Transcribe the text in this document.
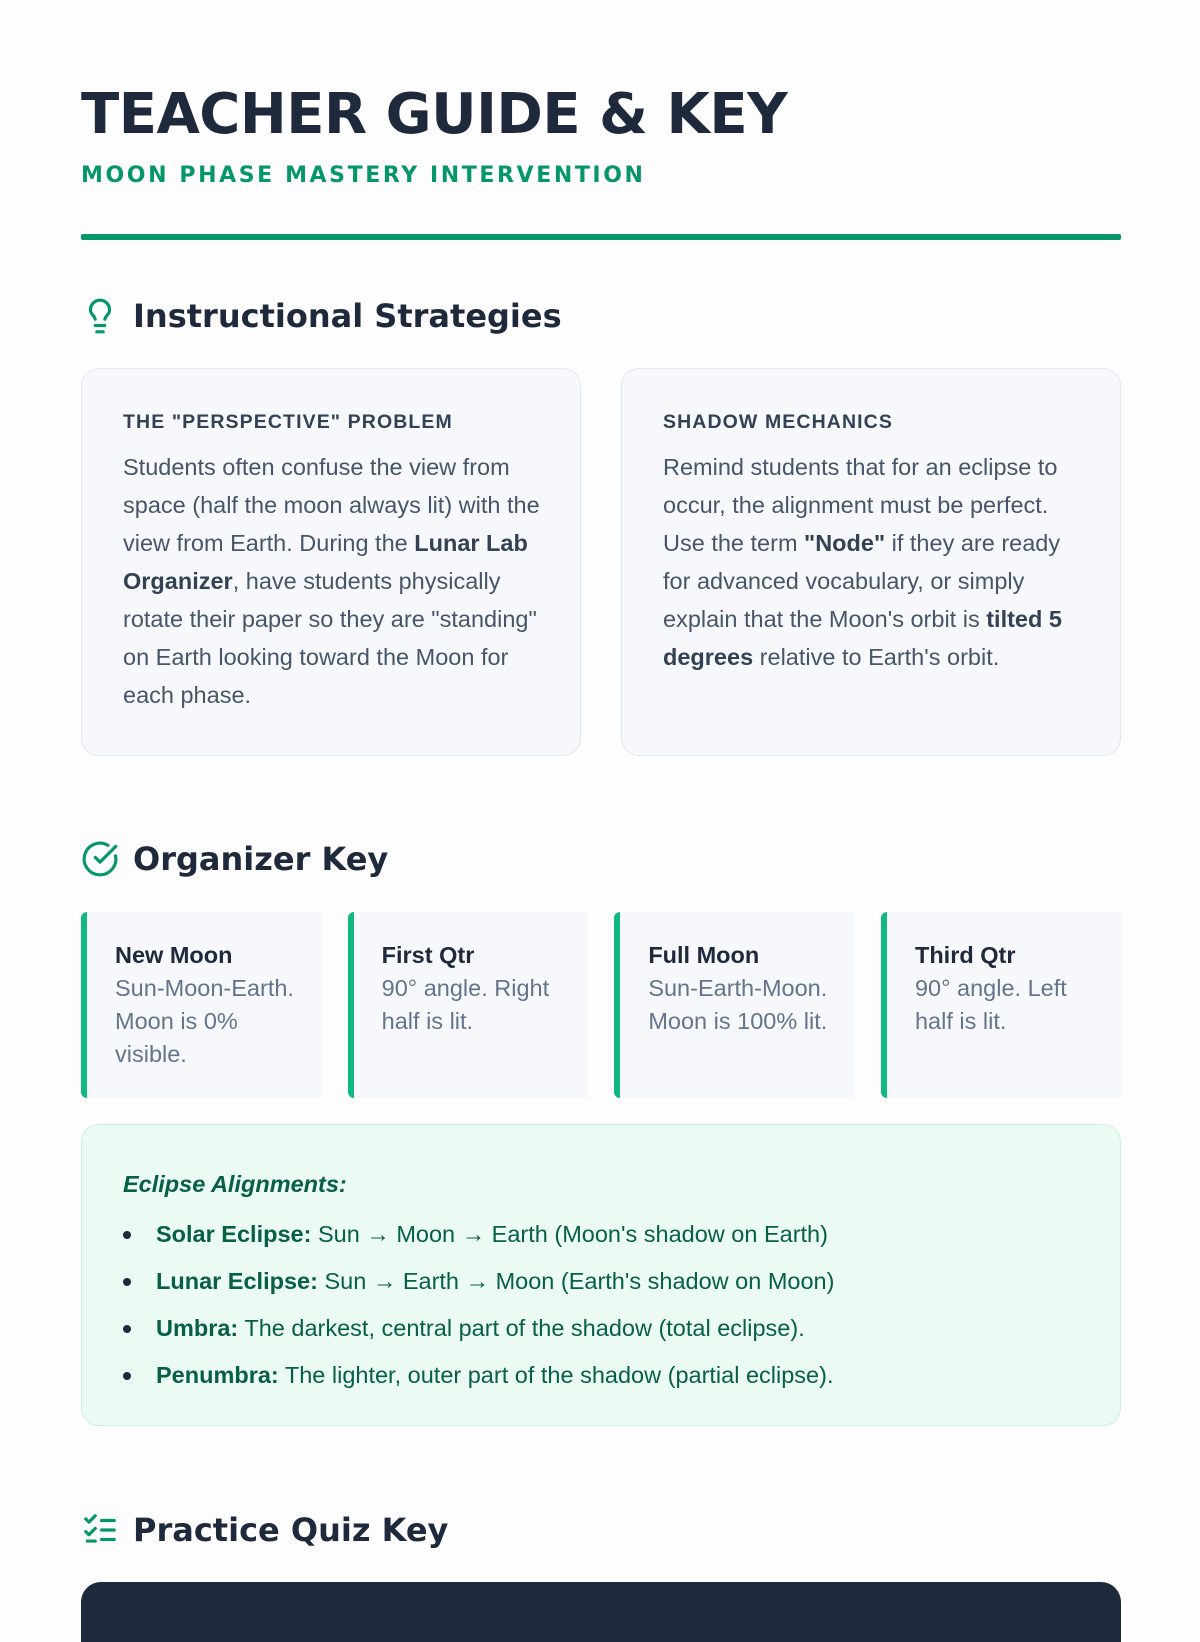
TEACHER GUIDE & KEY
MOON PHASE MASTERY INTERVENTION
Instructional Strategies
THE "PERSPECTIVE" PROBLEM

Students often confuse the view from space (half the moon always lit) with the view from Earth. During the Lunar Lab Organizer, have students physically rotate their paper so they are "standing" on Earth looking toward the Moon for each phase.

SHADOW MECHANICS

Remind students that for an eclipse to occur, the alignment must be perfect. Use the term "Node" if they are ready for advanced vocabulary, or simply explain that the Moon's orbit is tilted 5 degrees relative to Earth's orbit.

Organizer Key
New Moon
Sun-Moon-Earth. Moon is 0% visible.
First Qtr
90° angle. Right half is lit.
Full Moon
Sun-Earth-Moon. Moon is 100% lit.
Third Qtr
90° angle. Left half is lit.
Eclipse Alignments:
Solar Eclipse: Sun → Moon → Earth (Moon's shadow on Earth)
Lunar Eclipse: Sun → Earth → Moon (Earth's shadow on Moon)
Umbra: The darkest, central part of the shadow (total eclipse).
Penumbra: The lighter, outer part of the shadow (partial eclipse).
Practice Quiz Key
